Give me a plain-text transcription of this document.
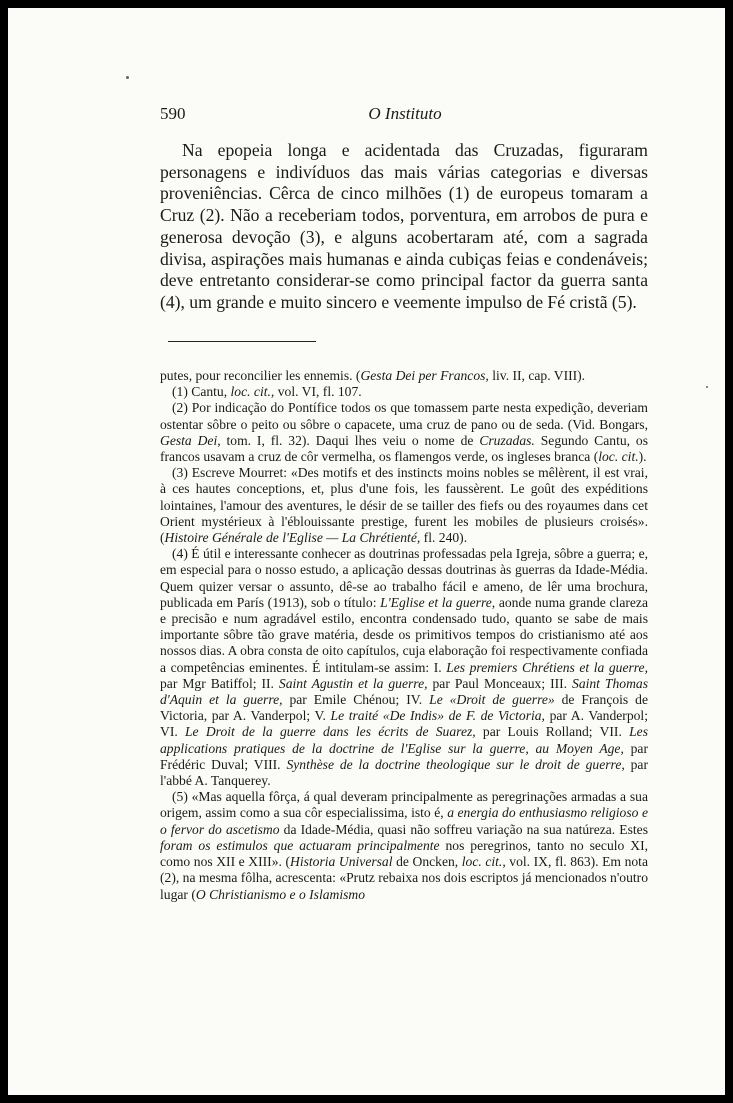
590	O Instituto

Na epopeia longa e acidentada das Cruzadas, figuraram personagens e indivíduos das mais várias categorias e diversas proveniências. Cêrca de cinco milhões (1) de europeus tomaram a Cruz (2). Não a receberiam todos, porventura, em arrobos de pura e generosa devoção (3), e alguns acobertaram até, com a sagrada divisa, aspirações mais humanas e ainda cubiças feias e condenáveis; deve entretanto considerar-se como principal factor da guerra santa (4), um grande e muito sincero e veemente impulso de Fé cristã (5).

putes, pour reconcilier les ennemis. (Gesta Dei per Francos, liv. II, cap. VIII).

(1) Cantu, loc. cit., vol. VI, fl. 107.

(2) Por indicação do Pontífice todos os que tomassem parte nesta expedição, deveriam ostentar sôbre o peito ou sôbre o capacete, uma cruz de pano ou de seda. (Vid. Bongars, Gesta Dei, tom. I, fl. 32). Daqui lhes veiu o nome de Cruzadas. Segundo Cantu, os francos usavam a cruz de côr vermelha, os flamengos verde, os ingleses branca (loc. cit.).

(3) Escreve Mourret: «Des motifs et des instincts moins nobles se mêlèrent, il est vrai, à ces hautes conceptions, et, plus d'une fois, les faussèrent. Le goût des expéditions lointaines, l'amour des aventures, le désir de se tailler des fiefs ou des royaumes dans cet Orient mystérieux à l'éblouissante prestige, furent les mobiles de plusieurs croisés». (Histoire Générale de l'Eglise — La Chrétienté, fl. 240).

(4) É útil e interessante conhecer as doutrinas professadas pela Igreja, sôbre a guerra; e, em especial para o nosso estudo, a aplicação dessas doutrinas às guerras da Idade-Média. Quem quizer versar o assunto, dê-se ao trabalho fácil e ameno, de lêr uma brochura, publicada em París (1913), sob o título: L'Eglise et la guerre, aonde numa grande clareza e precisão e num agradável estilo, encontra condensado tudo, quanto se sabe de mais importante sôbre tão grave matéria, desde os primitivos tempos do cristianismo até aos nossos dias. A obra consta de oito capítulos, cuja elaboração foi respectivamente confiada a competências eminentes. É intitulam-se assim: I. Les premiers Chrétiens et la guerre, par Mgr Batiffol; II. Saint Agustin et la guerre, par Paul Monceaux; III. Saint Thomas d'Aquin et la guerre, par Emile Chénou; IV. Le «Droit de guerre» de François de Victoria, par A. Vanderpol; V. Le traité «De Indis» de F. de Victoria, par A. Vanderpol; VI. Le Droit de la guerre dans les écrits de Suarez, par Louis Rolland; VII. Les applications pratiques de la doctrine de l'Eglise sur la guerre, au Moyen Age, par Frédéric Duval; VIII. Synthèse de la doctrine theologique sur le droit de guerre, par l'abbé A. Tanquerey.

(5) «Mas aquella fôrça, á qual deveram principalmente as peregrinações armadas a sua origem, assim como a sua côr especialissima, isto é, a energia do enthusiasmo religioso e o fervor do ascetismo da Idade-Média, quasi não soffreu variação na sua natúreza. Estes foram os estimulos que actuaram principalmente nos peregrinos, tanto no seculo XI, como nos XII e XIII». (Historia Universal de Oncken, loc. cit., vol. IX, fl. 863). Em nota (2), na mesma fôlha, acrescenta: «Prutz rebaixa nos dois escriptos já mencionados n'outro lugar (O Christianismo e o Islamismo
